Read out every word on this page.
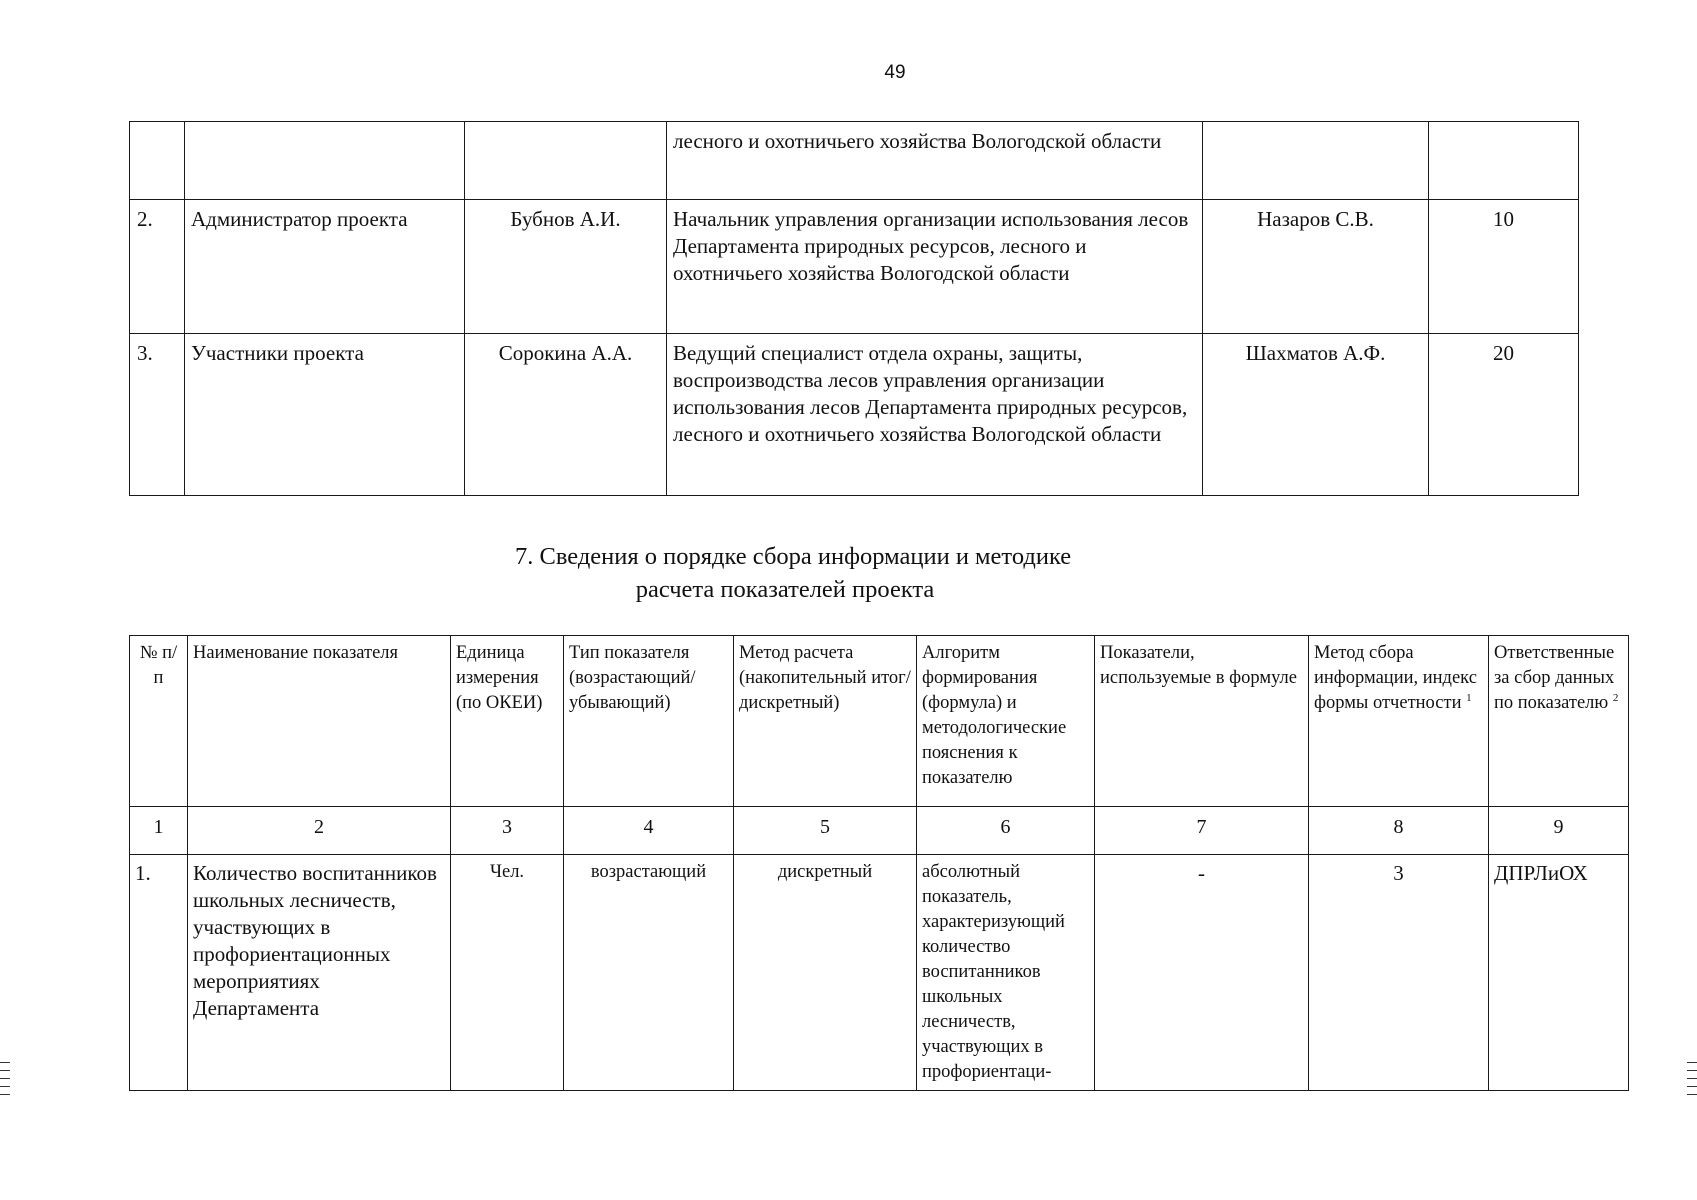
49
			лесного и охотничьего хозяйства Вологодской области		
2.	Администратор проекта	Бубнов А.И.	Начальник управления организации использования лесов Департамента природных ресурсов, лесного и охотничьего хозяйства Вологодской области	Назаров С.В.	10
3.	Участники проекта	Сорокина А.А.	Ведущий специалист отдела охраны, защиты, воспроизводства лесов управления организации использования лесов Департамента природных ресурсов, лесного и охотничьего хозяйства Вологодской области	Шахматов А.Ф.	20
7. Сведения о порядке сбора информации и методике
расчета показателей проекта
№ п/п	Наименование показателя	Единица измерения (по ОКЕИ)	Тип показателя (возрастающий/убывающий)	Метод расчета (накопительный итог/дискретный)	Алгоритм формирования (формула) и методологические пояснения к показателю	Показатели, используемые в формуле	Метод сбора информации, индекс формы отчетности $^1$	Ответственные за сбор данных по показателю $^2$
1	2	3	4	5	6	7	8	9
1.	Количество воспитанников школьных лесничеств, участвующих в профориентационных мероприятиях Департамента	Чел.	возрастающий	дискретный	абсолютный показатель, характеризующий количество воспитанников школьных лесничеств, участвующих в профориентаци-	-	3	ДПРЛиОХ
